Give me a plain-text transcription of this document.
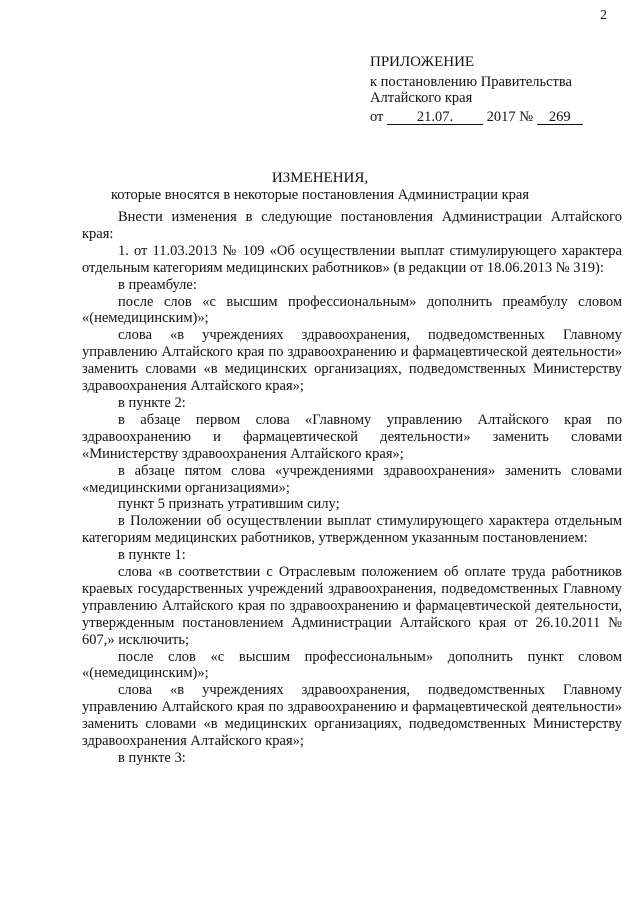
2
ПРИЛОЖЕНИЕ
к постановлению Правительства
Алтайского края
от 21.07. 2017 № 269
ИЗМЕНЕНИЯ,
которые вносятся в некоторые постановления Администрации края

Внести изменения в следующие постановления Администрации Алтайского края:

1. от 11.03.2013 № 109 «Об осуществлении выплат стимулирующего характера отдельным категориям медицинских работников» (в редакции от 18.06.2013 № 319):

в преамбуле:

после слов «с высшим профессиональным» дополнить преамбулу словом «(немедицинским)»;

слова «в учреждениях здравоохранения, подведомственных Главному управлению Алтайского края по здравоохранению и фармацевтической деятельности» заменить словами «в медицинских организациях, подведомственных Министерству здравоохранения Алтайского края»;

в пункте 2:

в абзаце первом слова «Главному управлению Алтайского края по здравоохранению и фармацевтической деятельности» заменить словами «Министерству здравоохранения Алтайского края»;

в абзаце пятом слова «учреждениями здравоохранения» заменить словами «медицинскими организациями»;

пункт 5 признать утратившим силу;

в Положении об осуществлении выплат стимулирующего характера отдельным категориям медицинских работников, утвержденном указанным постановлением:

в пункте 1:

слова «в соответствии с Отраслевым положением об оплате труда работников краевых государственных учреждений здравоохранения, подведомственных Главному управлению Алтайского края по здравоохранению и фармацевтической деятельности, утвержденным постановлением Администрации Алтайского края от 26.10.2011 № 607,» исключить;

после слов «с высшим профессиональным» дополнить пункт словом «(немедицинским)»;

слова «в учреждениях здравоохранения, подведомственных Главному управлению Алтайского края по здравоохранению и фармацевтической деятельности» заменить словами «в медицинских организациях, подведомственных Министерству здравоохранения Алтайского края»;

в пункте 3:
